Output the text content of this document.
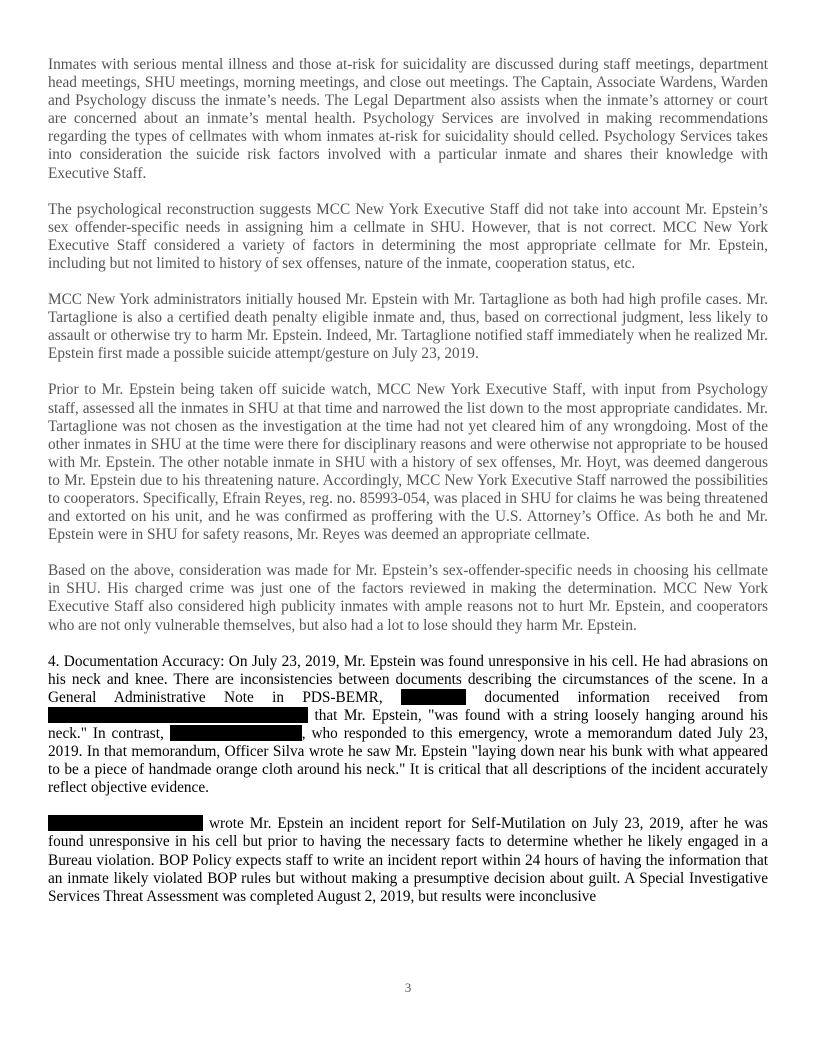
Inmates with serious mental illness and those at-risk for suicidality are discussed during staff meetings, department head meetings, SHU meetings, morning meetings, and close out meetings. The Captain, Associate Wardens, Warden and Psychology discuss the inmate’s needs. The Legal Department also assists when the inmate’s attorney or court are concerned about an inmate’s mental health. Psychology Services are involved in making recommendations regarding the types of cellmates with whom inmates at-risk for suicidality should celled. Psychology Services takes into consideration the suicide risk factors involved with a particular inmate and shares their knowledge with Executive Staff.

The psychological reconstruction suggests MCC New York Executive Staff did not take into account Mr. Epstein’s sex offender-specific needs in assigning him a cellmate in SHU. However, that is not correct. MCC New York Executive Staff considered a variety of factors in determining the most appropriate cellmate for Mr. Epstein, including but not limited to history of sex offenses, nature of the inmate, cooperation status, etc.

MCC New York administrators initially housed Mr. Epstein with Mr. Tartaglione as both had high profile cases. Mr. Tartaglione is also a certified death penalty eligible inmate and, thus, based on correctional judgment, less likely to assault or otherwise try to harm Mr. Epstein. Indeed, Mr. Tartaglione notified staff immediately when he realized Mr. Epstein first made a possible suicide attempt/gesture on July 23, 2019.

Prior to Mr. Epstein being taken off suicide watch, MCC New York Executive Staff, with input from Psychology staff, assessed all the inmates in SHU at that time and narrowed the list down to the most appropriate candidates. Mr. Tartaglione was not chosen as the investigation at the time had not yet cleared him of any wrongdoing. Most of the other inmates in SHU at the time were there for disciplinary reasons and were otherwise not appropriate to be housed with Mr. Epstein. The other notable inmate in SHU with a history of sex offenses, Mr. Hoyt, was deemed dangerous to Mr. Epstein due to his threatening nature. Accordingly, MCC New York Executive Staff narrowed the possibilities to cooperators. Specifically, Efrain Reyes, reg. no. 85993-054, was placed in SHU for claims he was being threatened and extorted on his unit, and he was confirmed as proffering with the U.S. Attorney’s Office. As both he and Mr. Epstein were in SHU for safety reasons, Mr. Reyes was deemed an appropriate cellmate.

Based on the above, consideration was made for Mr. Epstein’s sex-offender-specific needs in choosing his cellmate in SHU. His charged crime was just one of the factors reviewed in making the determination. MCC New York Executive Staff also considered high publicity inmates with ample reasons not to hurt Mr. Epstein, and cooperators who are not only vulnerable themselves, but also had a lot to lose should they harm Mr. Epstein.

4. Documentation Accuracy: On July 23, 2019, Mr. Epstein was found unresponsive in his cell. He had abrasions on his neck and knee. There are inconsistencies between documents describing the circumstances of the scene. In a General Administrative Note in PDS-BEMR,	documented information received from  that Mr. Epstein, "was found with a string loosely hanging around his neck." In contrast,	, who responded to this emergency, wrote a memorandum dated July 23, 2019. In that memorandum, Officer Silva wrote he saw Mr. Epstein "laying down near his bunk with what appeared to be a piece of handmade orange cloth around his neck." It is critical that all descriptions of the incident accurately reflect objective evidence.

wrote Mr. Epstein an incident report for Self-Mutilation on July 23, 2019, after he was found unresponsive in his cell but prior to having the necessary facts to determine whether he likely engaged in a Bureau violation. BOP Policy expects staff to write an incident report within 24 hours of having the information that an inmate likely violated BOP rules but without making a presumptive decision about guilt. A Special Investigative Services Threat Assessment was completed August 2, 2019, but results were inconclusive

3
